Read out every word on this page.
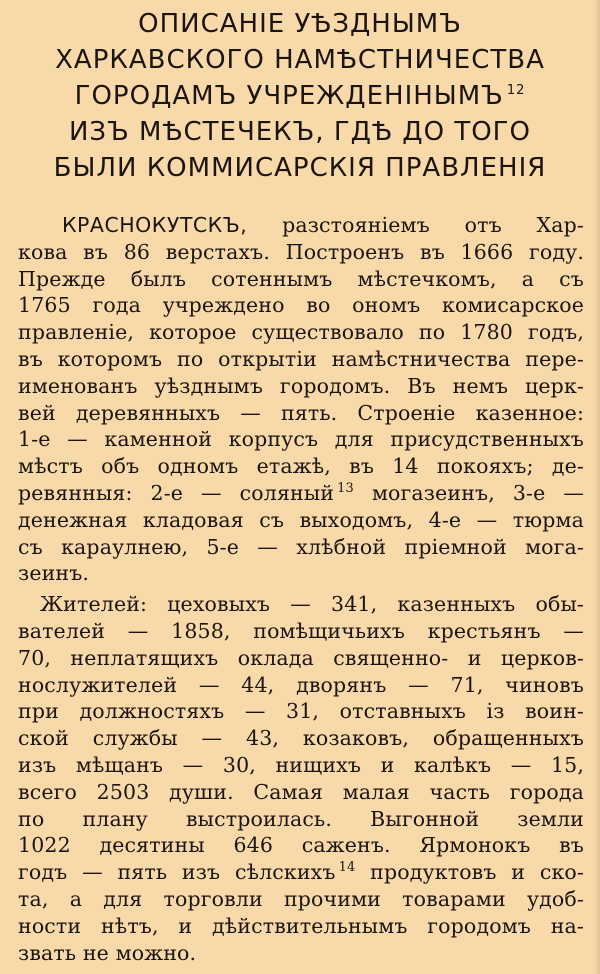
ОПИСАНІЕ УѢЗДНЫМЪ
ХАРКАВСКОГО НАМѢСТНИЧЕСТВА
ГОРОДАМЪ УЧРЕЖДЕНІНЫМЪ $^{12}$
ИЗЪ МѢСТЕЧЕКЪ, ГДѢ ДО ТОГО
БЫЛИ КОММИСАРСКІЯ ПРАВЛЕНІЯ
КРАСНОКУТСКЪ, разстояніемъ отъ Хар-
кова въ 86 верстахъ. Построенъ въ 1666 году.
Прежде былъ сотеннымъ мѣстечкомъ, а съ
1765 года учреждено во ономъ комисарское
правленіе, которое существовало по 1780 годъ,
въ которомъ по открытіи намѣстничества пере-
именованъ уѣзднымъ городомъ. Въ немъ церк-
вей деревянныхъ — пять. Строеніе казенное:
1-е — каменной корпусъ для присудственныхъ
мѣстъ объ одномъ етажѣ, въ 14 покояхъ; де-
ревянныя: 2-е — соляный $^{13}$ могазеинъ, 3-е —
денежная кладовая съ выходомъ, 4-е — тюрма
съ караулнею, 5-е — хлѣбной пріемной мога-
зеинъ.
Жителей: цеховыхъ — 341, казенныхъ обы-
вателей — 1858, помѣщичьихъ крестьянъ —
70, неплатящихъ оклада священно- и церков-
нослужителей — 44, дворянъ — 71, чиновъ
при должностяхъ — 31, отставныхъ із воин-
ской службы — 43, козаковъ, обращенныхъ
изъ мѣщанъ — 30, нищихъ и калѣкъ — 15,
всего 2503 души. Самая малая часть города
по плану выстроилась. Выгонной земли
1022 десятины 646 саженъ. Ярмонокъ въ
годъ — пять изъ сѣлскихъ $^{14}$ продуктовъ и ско-
та, а для торговли прочими товарами удоб-
ности нѣтъ, и дѣйствительнымъ городомъ на-
звать не можно.
